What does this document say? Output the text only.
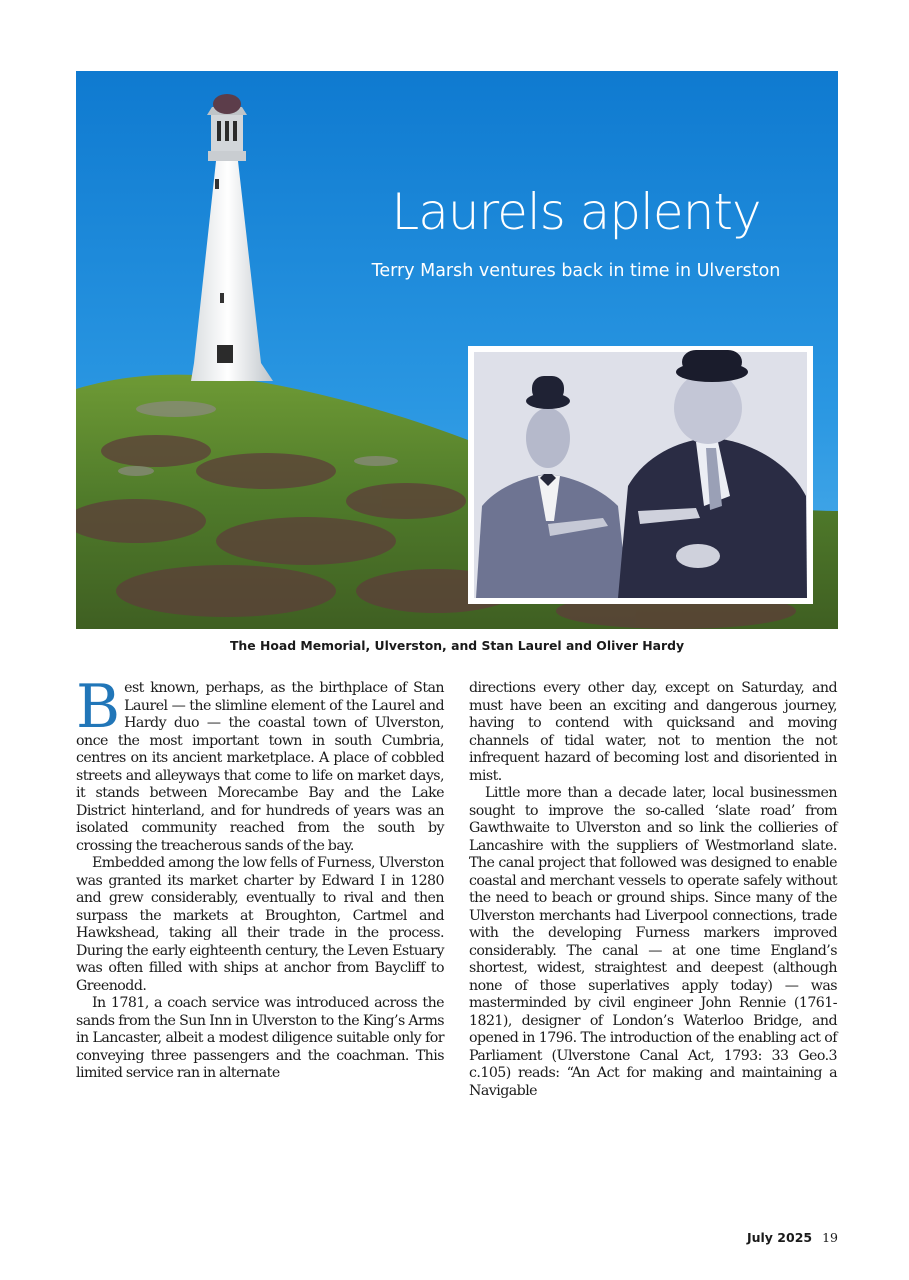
Laurels aplenty
Terry Marsh ventures back in time in Ulverston
The Hoad Memorial, Ulverston, and Stan Laurel and Oliver Hardy

Best known, perhaps, as the birthplace of Stan Laurel — the slimline element of the Laurel and Hardy duo — the coastal town of Ulverston, once the most important town in south Cumbria, centres on its ancient marketplace. A place of cobbled streets and alleyways that come to life on market days, it stands between Morecambe Bay and the Lake District hinterland, and for hundreds of years was an isolated community reached from the south by crossing the treacherous sands of the bay.

Embedded among the low fells of Furness, Ulverston was granted its market charter by Edward I in 1280 and grew considerably, eventually to rival and then surpass the markets at Broughton, Cartmel and Hawkshead, taking all their trade in the process. During the early eighteenth century, the Leven Estuary was often filled with ships at anchor from Baycliff to Greenodd.

In 1781, a coach service was introduced across the sands from the Sun Inn in Ulverston to the King’s Arms in Lancaster, albeit a modest diligence suitable only for conveying three passengers and the coachman. This limited service ran in alternate

directions every other day, except on Saturday, and must have been an exciting and dangerous journey, having to contend with quicksand and moving channels of tidal water, not to mention the not infrequent hazard of becoming lost and disoriented in mist.

Little more than a decade later, local businessmen sought to improve the so-called ‘slate road’ from Gawthwaite to Ulverston and so link the collieries of Lancashire with the suppliers of Westmorland slate. The canal project that followed was designed to enable coastal and merchant vessels to operate safely without the need to beach or ground ships. Since many of the Ulverston merchants had Liverpool connections, trade with the developing Furness markers improved considerably. The canal — at one time England’s shortest, widest, straightest and deepest (although none of those superlatives apply today) — was masterminded by civil engineer John Rennie (1761-1821), designer of London’s Waterloo Bridge, and opened in 1796. The introduction of the enabling act of Parliament (Ulverstone Canal Act, 1793: 33 Geo.3 c.105) reads: “An Act for making and maintaining a Navigable

July 2025 19
